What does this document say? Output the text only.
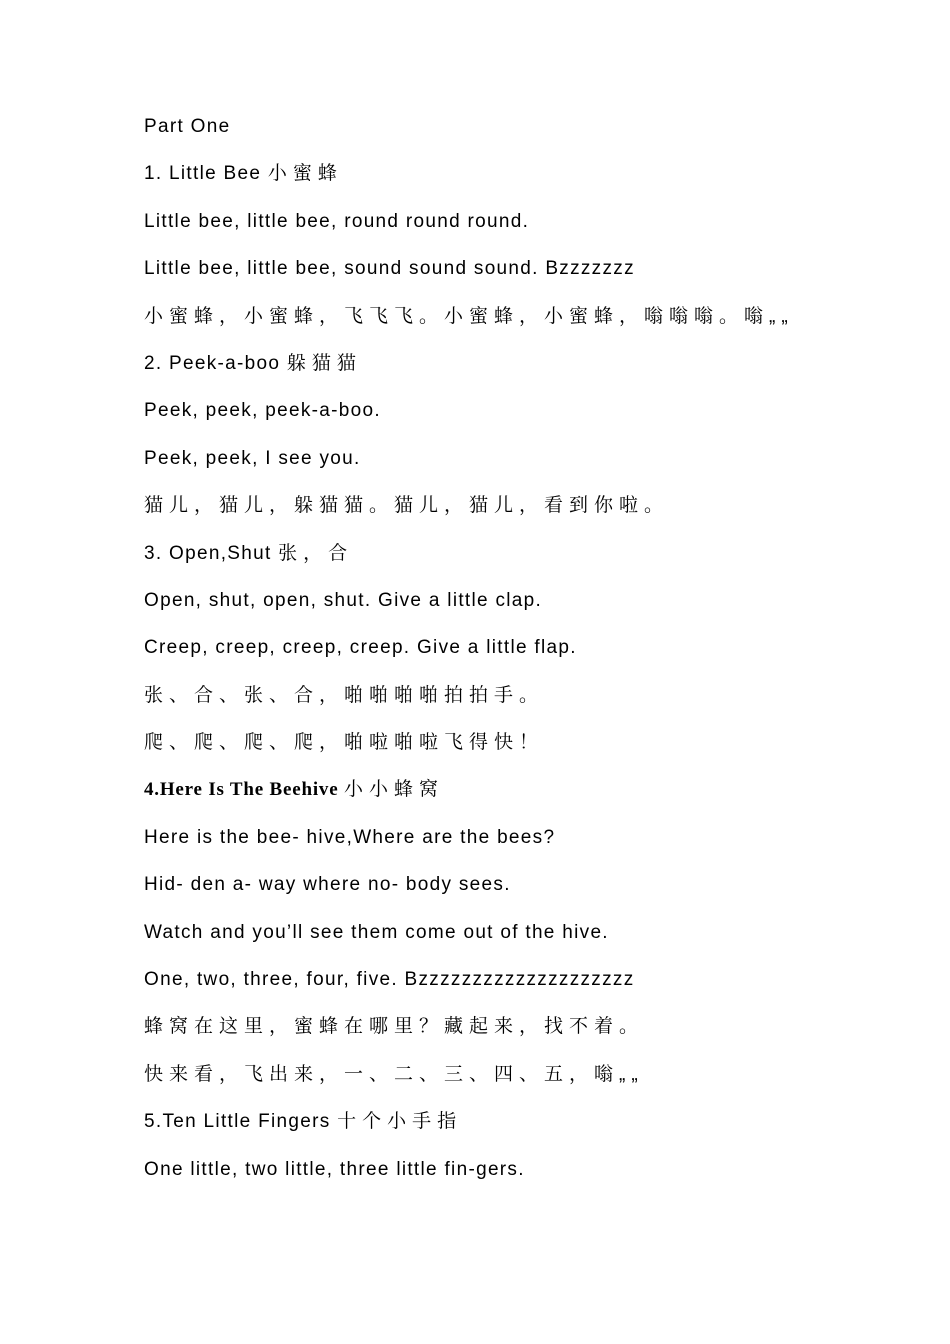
Part One
1. Little Bee 小蜜蜂
Little bee, little bee, round round round.
Little bee, little bee, sound sound sound. Bzzzzzzz
小蜜蜂，小蜜蜂，飞飞飞。小蜜蜂，小蜜蜂，嗡嗡嗡。嗡„„
2. Peek-a-boo 躲猫猫
Peek, peek, peek-a-boo.
Peek, peek, I see you.
猫儿，猫儿，躲猫猫。猫儿，猫儿，看到你啦。
3. Open,Shut 张，合
Open, shut, open, shut. Give a little clap.
Creep, creep, creep, creep. Give a little flap.
张、合、张、合，啪啪啪啪拍拍手。
爬、爬、爬、爬，啪啦啪啦飞得快！
4.Here Is The Beehive 小小蜂窝
Here is the bee- hive,Where are the bees?
Hid- den a- way where no- body sees.
Watch and you’ll see them come out of the hive.
One, two, three, four, five. Bzzzzzzzzzzzzzzzzzzzz
蜂窝在这里，蜜蜂在哪里？藏起来，找不着。
快来看，飞出来，一、二、三、四、五，嗡„„
5.Ten Little Fingers 十个小手指
One little, two little, three little fin-gers.
